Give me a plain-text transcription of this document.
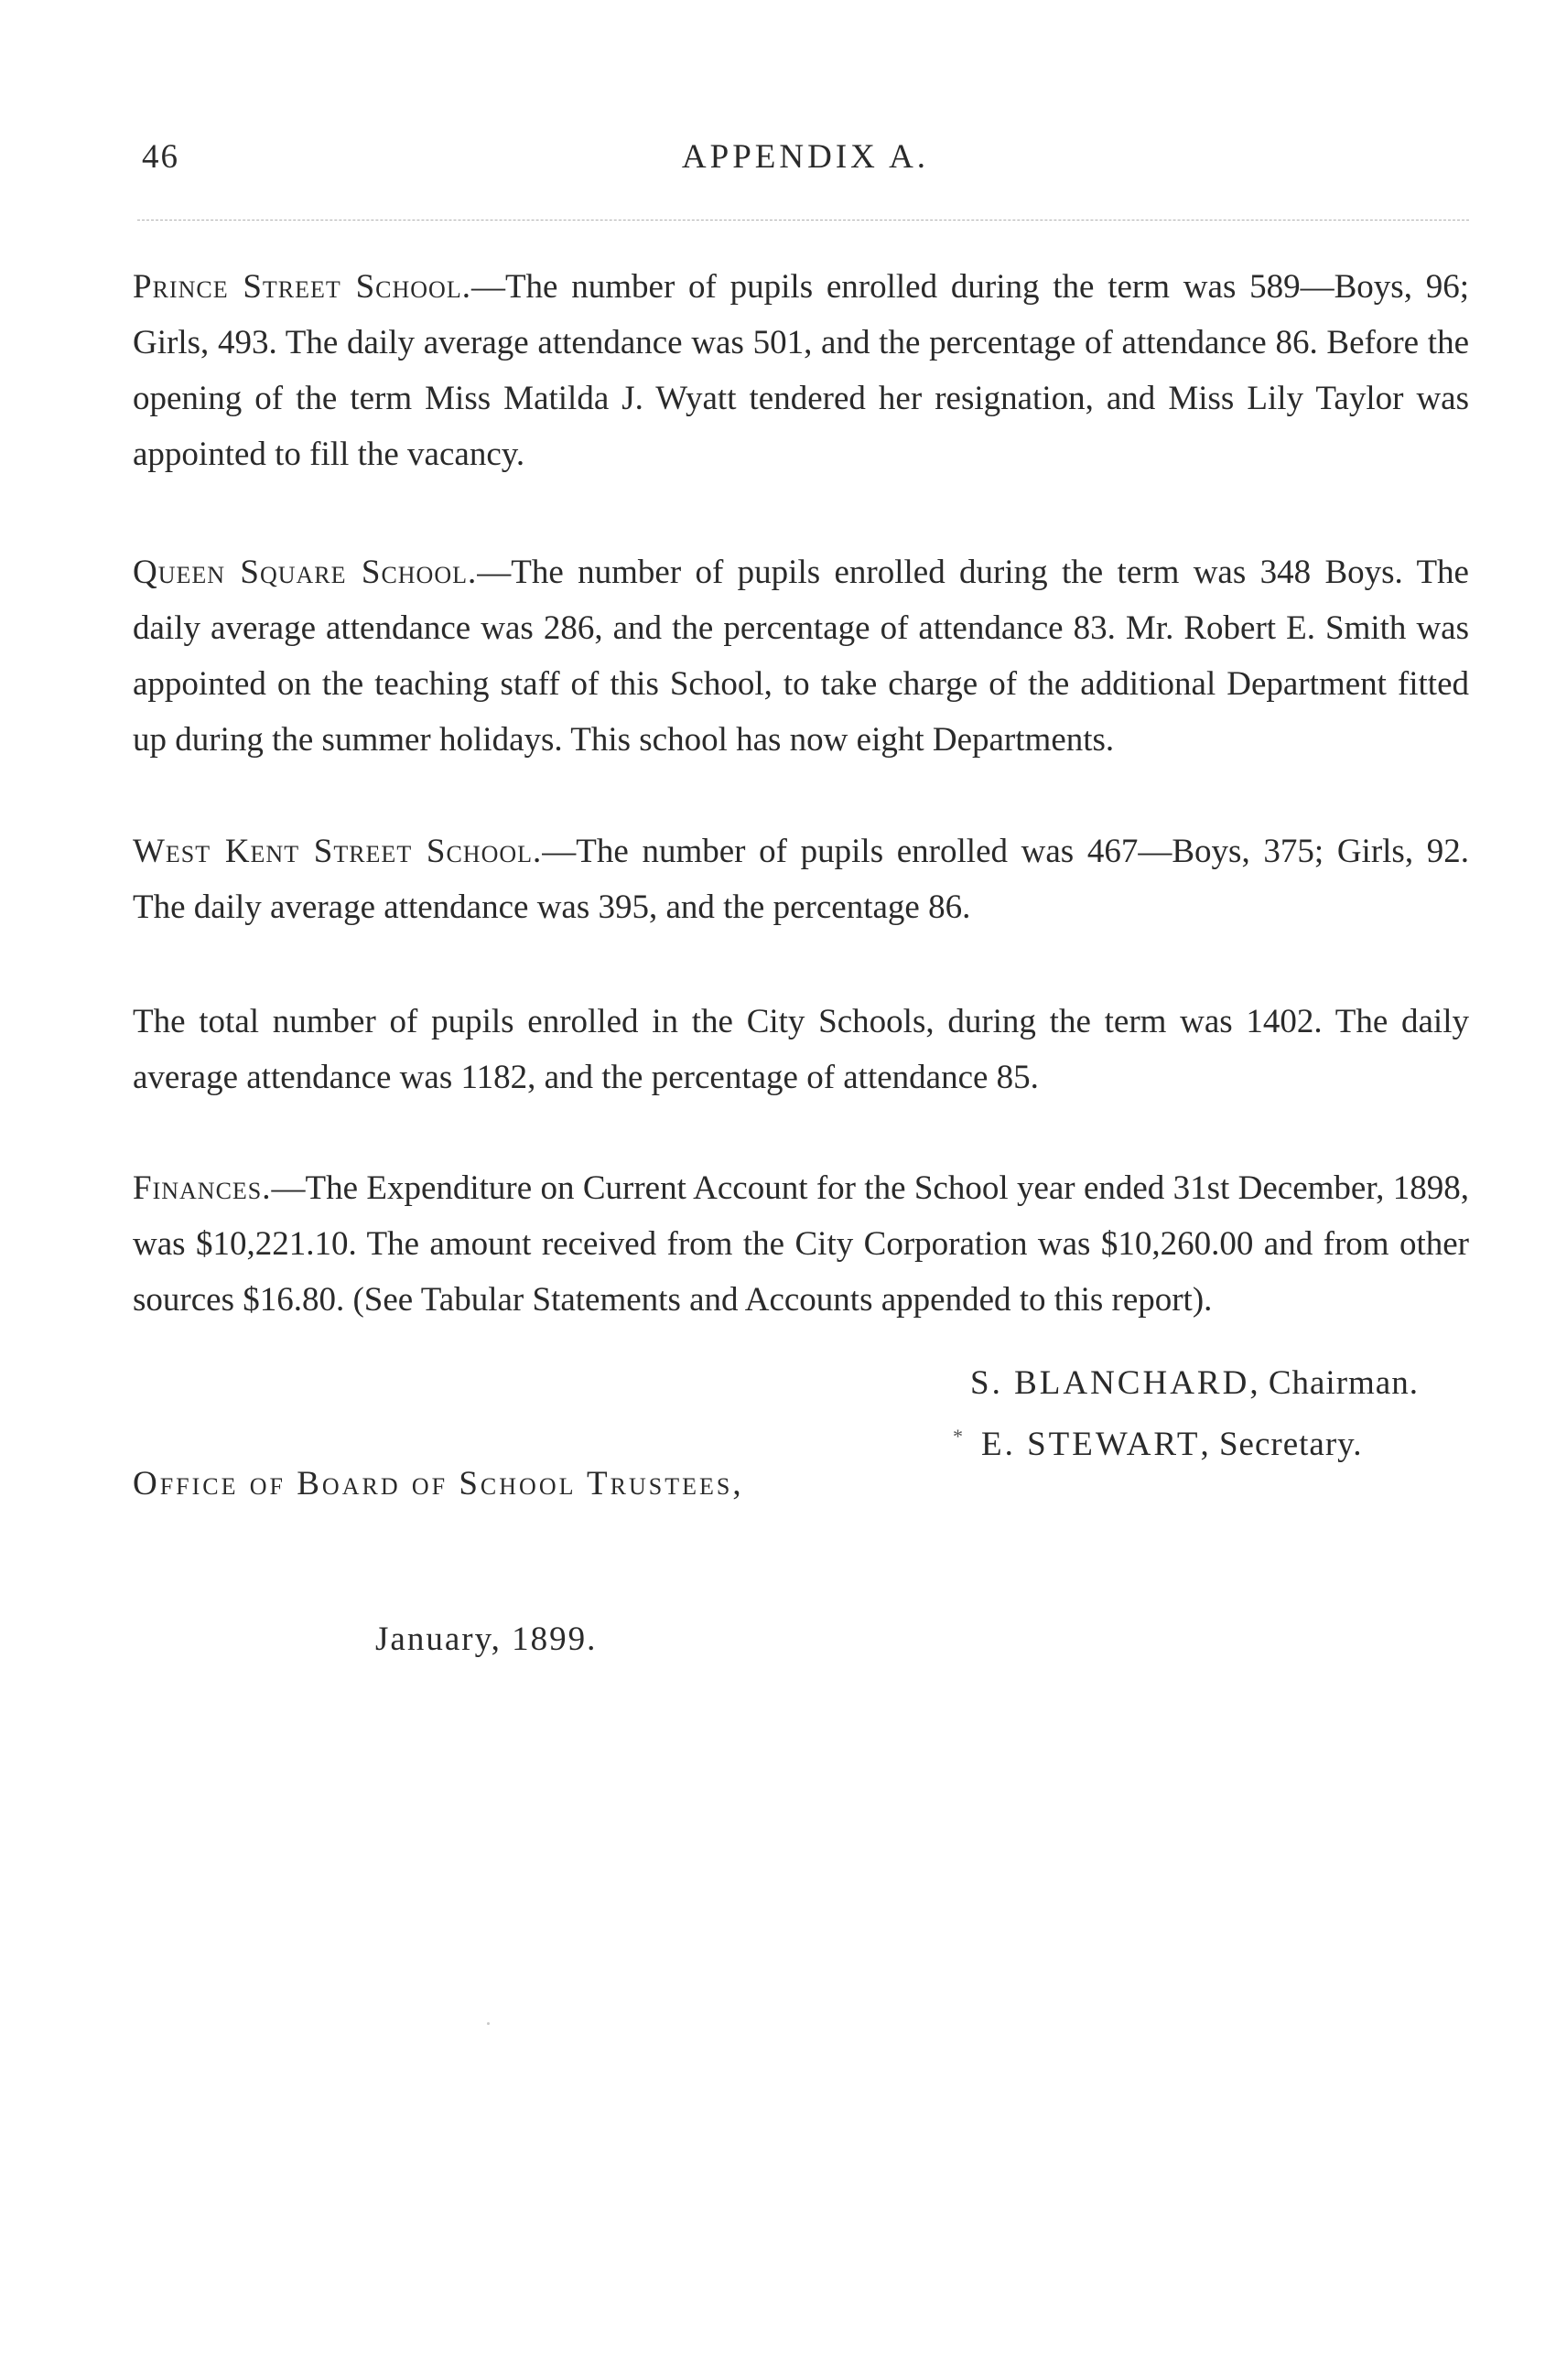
46	APPENDIX A.

Prince Street School.—The number of pupils enrolled during the term was 589—Boys, 96; Girls, 493. The daily average attendance was 501, and the percentage of attendance 86. Before the opening of the term Miss Matilda J. Wyatt tendered her resignation, and Miss Lily Taylor was appointed to fill the vacancy.

Queen Square School.—The number of pupils enrolled during the term was 348 Boys. The daily average attendance was 286, and the percentage of attendance 83. Mr. Robert E. Smith was appointed on the teaching staff of this School, to take charge of the additional Department fitted up during the summer holidays. This school has now eight Departments.

West Kent Street School.—The number of pupils enrolled was 467—Boys, 375; Girls, 92. The daily average attendance was 395, and the percentage 86.

The total number of pupils enrolled in the City Schools, during the term was 1402. The daily average attendance was 1182, and the percentage of attendance 85.

Finances.—The Expenditure on Current Account for the School year ended 31st December, 1898, was $10,221.10. The amount received from the City Corporation was $10,260.00 and from other sources $16.80. (See Tabular Statements and Accounts appended to this report).

S. BLANCHARD, Chairman.
* E. STEWART, Secretary.
Office of Board of School Trustees,
January, 1899.
